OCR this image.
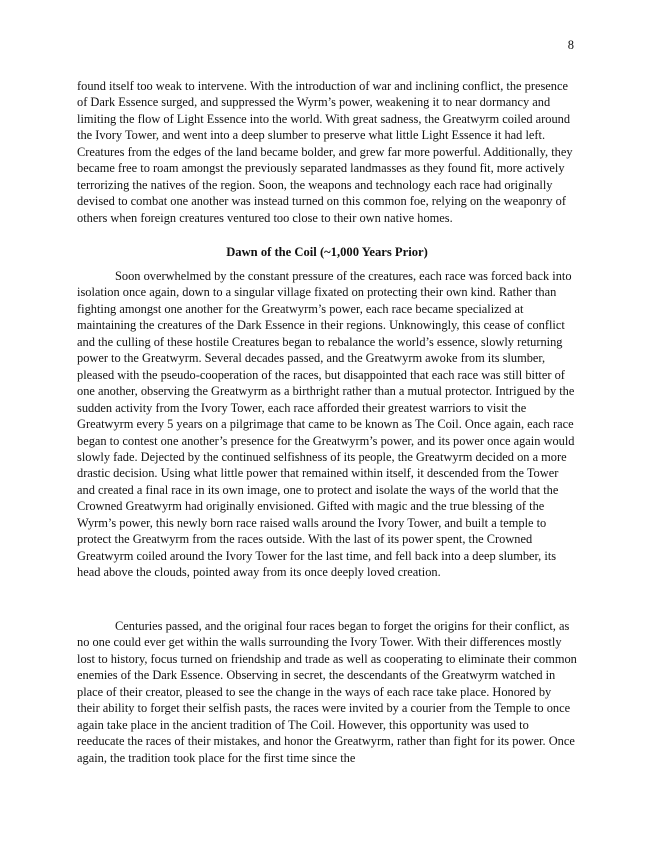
8

found itself too weak to intervene. With the introduction of war and inclining conflict, the presence of Dark Essence surged, and suppressed the Wyrm’s power, weakening it to near dormancy and limiting the flow of Light Essence into the world. With great sadness, the Greatwyrm coiled around the Ivory Tower, and went into a deep slumber to preserve what little Light Essence it had left. Creatures from the edges of the land became bolder, and grew far more powerful. Additionally, they became free to roam amongst the previously separated landmasses as they found fit, more actively terrorizing the natives of the region. Soon, the weapons and technology each race had originally devised to combat one another was instead turned on this common foe, relying on the weaponry of others when foreign creatures ventured too close to their own native homes.

Dawn of the Coil (~1,000 Years Prior)

Soon overwhelmed by the constant pressure of the creatures, each race was forced back into isolation once again, down to a singular village fixated on protecting their own kind. Rather than fighting amongst one another for the Greatwyrm’s power, each race became specialized at maintaining the creatures of the Dark Essence in their regions. Unknowingly, this cease of conflict and the culling of these hostile Creatures began to rebalance the world’s essence, slowly returning power to the Greatwyrm. Several decades passed, and the Greatwyrm awoke from its slumber, pleased with the pseudo-cooperation of the races, but disappointed that each race was still bitter of one another, observing the Greatwyrm as a birthright rather than a mutual protector. Intrigued by the sudden activity from the Ivory Tower, each race afforded their greatest warriors to visit the Greatwyrm every 5 years on a pilgrimage that came to be known as The Coil. Once again, each race began to contest one another’s presence for the Greatwyrm’s power, and its power once again would slowly fade. Dejected by the continued selfishness of its people, the Greatwyrm decided on a more drastic decision. Using what little power that remained within itself, it descended from the Tower and created a final race in its own image, one to protect and isolate the ways of the world that the Crowned Greatwyrm had originally envisioned. Gifted with magic and the true blessing of the Wyrm’s power, this newly born race raised walls around the Ivory Tower, and built a temple to protect the Greatwyrm from the races outside. With the last of its power spent, the Crowned Greatwyrm coiled around the Ivory Tower for the last time, and fell back into a deep slumber, its head above the clouds, pointed away from its once deeply loved creation.

Centuries passed, and the original four races began to forget the origins for their conflict, as no one could ever get within the walls surrounding the Ivory Tower. With their differences mostly lost to history, focus turned on friendship and trade as well as cooperating to eliminate their common enemies of the Dark Essence. Observing in secret, the descendants of the Greatwyrm watched in place of their creator, pleased to see the change in the ways of each race take place. Honored by their ability to forget their selfish pasts, the races were invited by a courier from the Temple to once again take place in the ancient tradition of The Coil. However, this opportunity was used to reeducate the races of their mistakes, and honor the Greatwyrm, rather than fight for its power. Once again, the tradition took place for the first time since the
